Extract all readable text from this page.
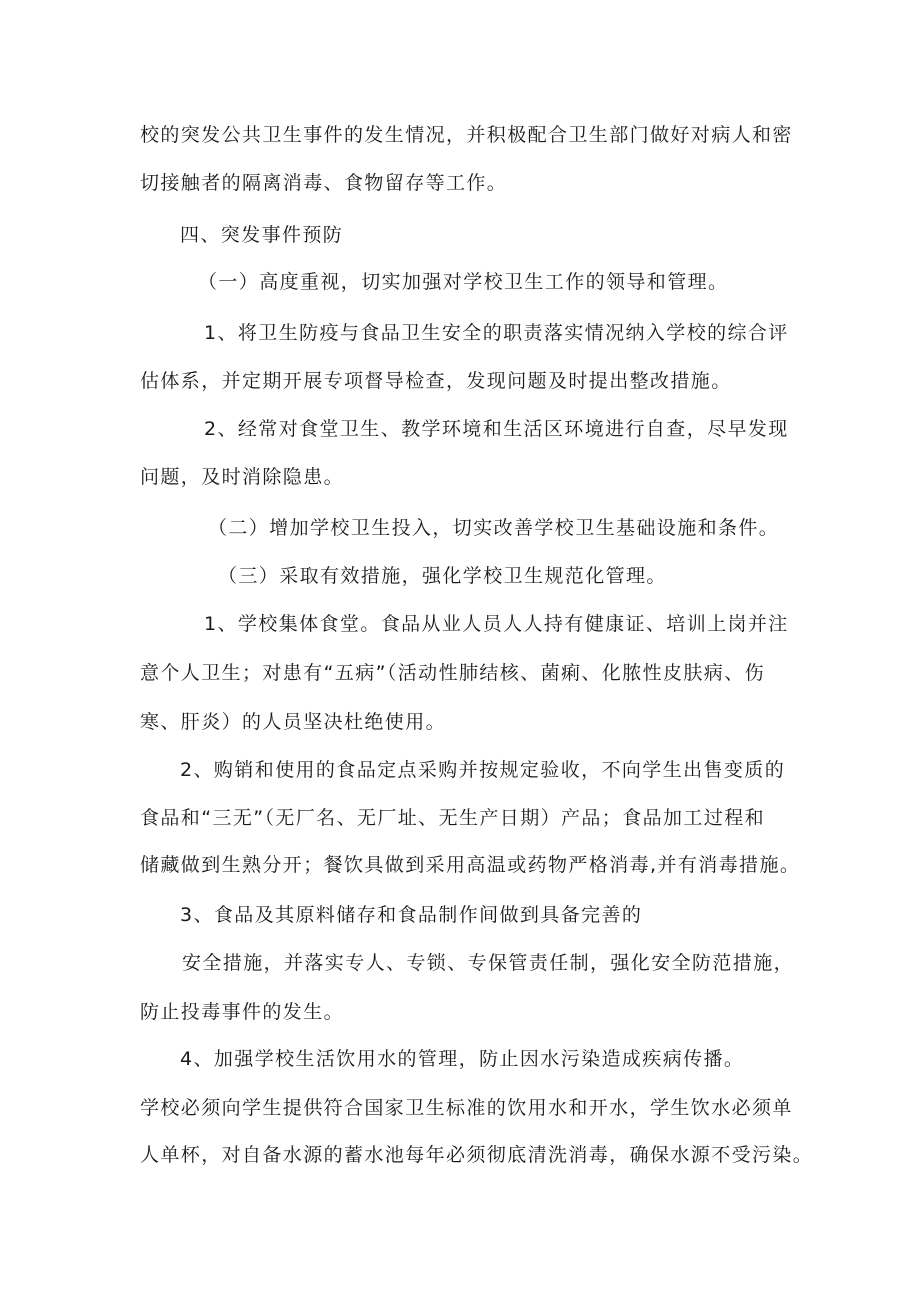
校的突发公共卫生事件的发生情况，并积极配合卫生部门做好对病人和密
切接触者的隔离消毒、食物留存等工作。
四、突发事件预防
（一）高度重视，切实加强对学校卫生工作的领导和管理。
1、将卫生防疫与食品卫生安全的职责落实情况纳入学校的综合评
估体系，并定期开展专项督导检查，发现问题及时提出整改措施。
2、经常对食堂卫生、教学环境和生活区环境进行自查，尽早发现
问题，及时消除隐患。
（二）增加学校卫生投入，切实改善学校卫生基础设施和条件。
（三）采取有效措施，强化学校卫生规范化管理。
1、学校集体食堂。食品从业人员人人持有健康证、培训上岗并注
意个人卫生；对患有“五病”（活动性肺结核、菌痢、化脓性皮肤病、伤
寒、肝炎）的人员坚决杜绝使用。
2、购销和使用的食品定点采购并按规定验收，不向学生出售变质的
食品和“三无”（无厂名、无厂址、无生产日期）产品；食品加工过程和
储藏做到生熟分开；餐饮具做到采用高温或药物严格消毒,并有消毒措施。
3、食品及其原料储存和食品制作间做到具备完善的
安全措施，并落实专人、专锁、专保管责任制，强化安全防范措施，
防止投毒事件的发生。
4、加强学校生活饮用水的管理，防止因水污染造成疾病传播。
学校必须向学生提供符合国家卫生标准的饮用水和开水，学生饮水必须单
人单杯，对自备水源的蓄水池每年必须彻底清洗消毒，确保水源不受污染。
